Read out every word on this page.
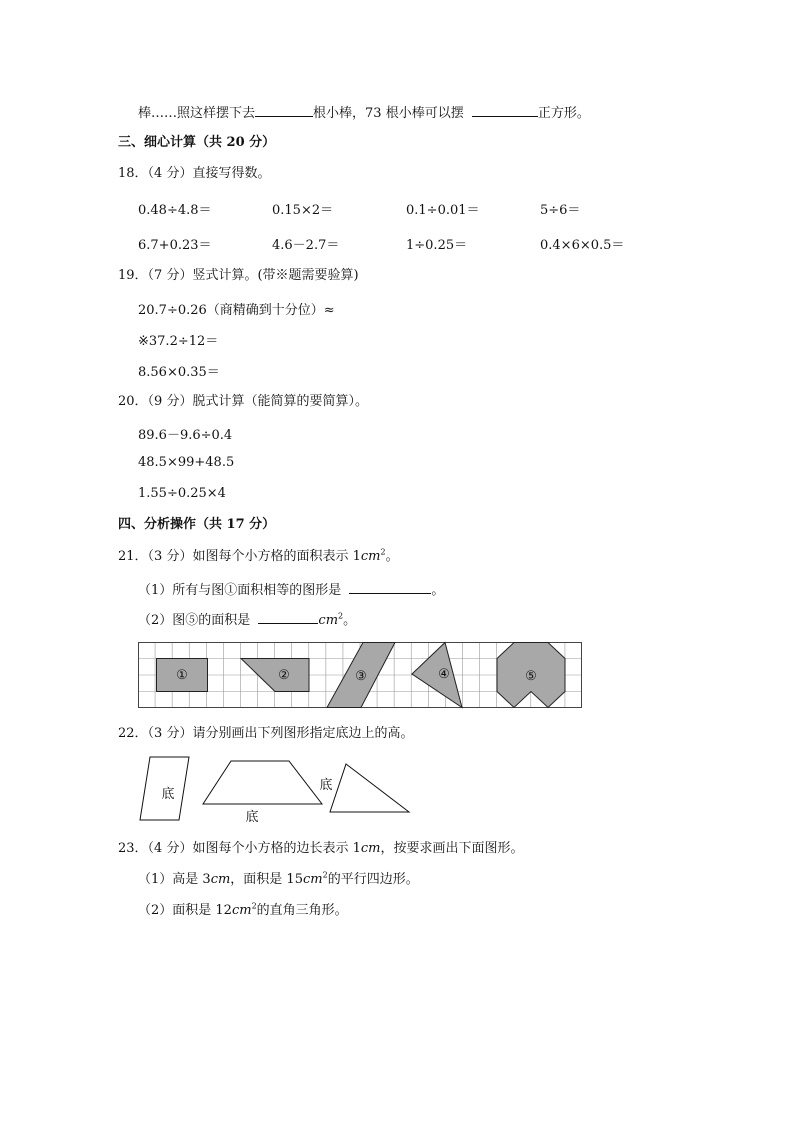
棒……照这样摆下去	根小棒，73 根小棒可以摆	正方形。
三、细心计算（共 20 分）
18．（4 分）直接写得数。
0.48÷4.8＝	0.15×2＝	0.1÷0.01＝	5÷6＝
6.7+0.23＝	4.6－2.7＝	1÷0.25＝	0.4×6×0.5＝
19．（7 分）竖式计算。(带※题需要验算)
20.7÷0.26（商精确到十分位）≈
※37.2÷12＝
8.56×0.35＝
20．（9 分）脱式计算（能简算的要简算）。
89.6－9.6÷0.4
48.5×99+48.5
1.55÷0.25×4
四、分析操作（共 17 分）
21．（3 分）如图每个小方格的面积表示 $1cm^2$。
（1）所有与图①面积相等的图形是	。
（2）图⑤的面积是	$cm^2$。
①	②	③	④	⑤
22．（3 分）请分别画出下列图形指定底边上的高。
底
底
底
23．（4 分）如图每个小方格的边长表示 1cm，按要求画出下面图形。
（1）高是 3cm，面积是 $15cm^2$的平行四边形。
（2）面积是 $12cm^2$的直角三角形。
